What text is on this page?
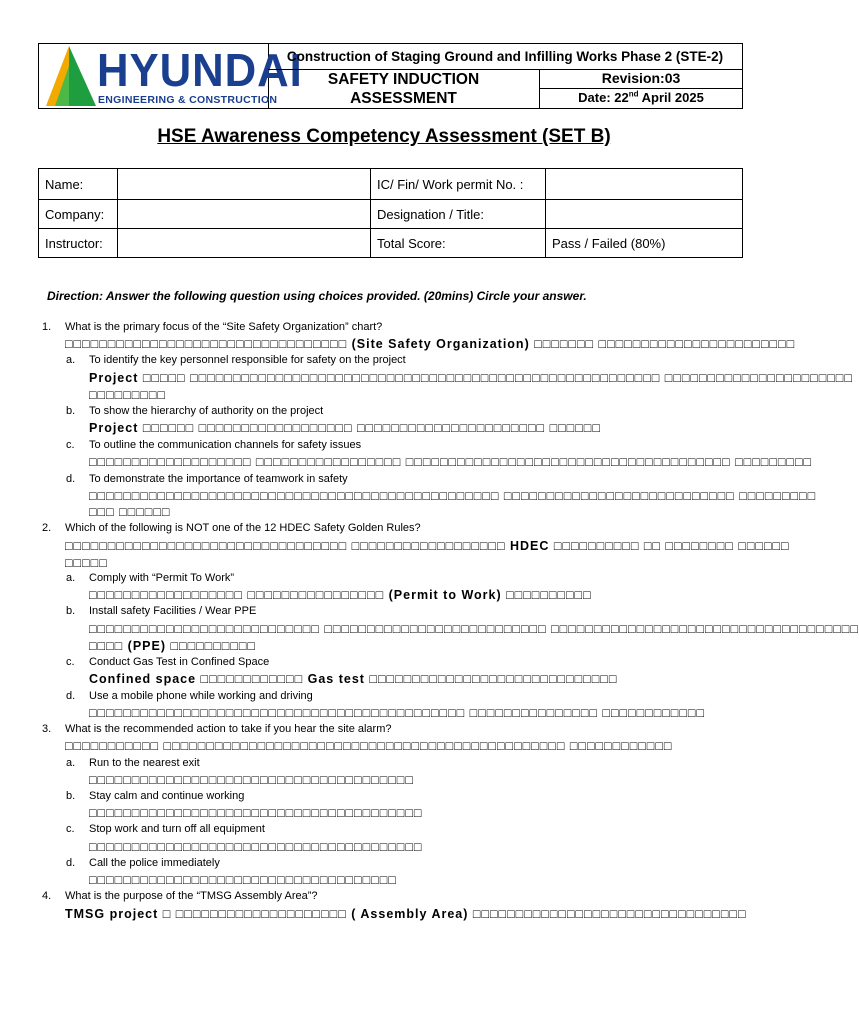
HYUNDAI
ENGINEERING & CONSTRUCTION
Construction of Staging Ground and Infilling Works Phase 2 (STE-2)
SAFETY INDUCTION
ASSESSMENT
Revision:03
Date: 22nd April 2025
HSE Awareness Competency Assessment (SET B)
Name:		IC/ Fin/ Work permit No. :	
Company:		Designation / Title:	
Instructor:		Total Score:	Pass / Failed (80%)
Direction: Answer the following question using choices provided. (20mins) Circle your answer.
1. What is the primary focus of the “Site Safety Organization” chart?
□□□□□□□□□□□□□□□□□□□□□□□□□□□□□□□□□ (Site Safety Organization) □□□□□□□ □□□□□□□□□□□□□□□□□□□□□□□
a. To identify the key personnel responsible for safety on the project
Project □□□□□ □□□□□□□□□□□□□□□□□□□□□□□□□□□□□□□□□□□□□□□□□□□□□□□□□□□□□□□ □□□□□□□□□□□□□□□□□□□□□□
□□□□□□□□□
b. To show the hierarchy of authority on the project
Project □□□□□□ □□□□□□□□□□□□□□□□□□ □□□□□□□□□□□□□□□□□□□□□□ □□□□□□
c. To outline the communication channels for safety issues
□□□□□□□□□□□□□□□□□□□ □□□□□□□□□□□□□□□□□ □□□□□□□□□□□□□□□□□□□□□□□□□□□□□□□□□□□□□□ □□□□□□□□□
d. To demonstrate the importance of teamwork in safety
□□□□□□□□□□□□□□□□□□□□□□□□□□□□□□□□□□□□□□□□□□□□□□□□ □□□□□□□□□□□□□□□□□□□□□□□□□□□ □□□□□□□□□
□□□ □□□□□□
2. Which of the following is NOT one of the 12 HDEC Safety Golden Rules?
□□□□□□□□□□□□□□□□□□□□□□□□□□□□□□□□□ □□□□□□□□□□□□□□□□□□ HDEC □□□□□□□□□□ □□ □□□□□□□□ □□□□□□
□□□□□
a. Comply with “Permit To Work”
□□□□□□□□□□□□□□□□□□ □□□□□□□□□□□□□□□□ (Permit to Work) □□□□□□□□□□
b. Install safety Facilities / Wear PPE
□□□□□□□□□□□□□□□□□□□□□□□□□□□ □□□□□□□□□□□□□□□□□□□□□□□□□□ □□□□□□□□□□□□□□□□□□□□□□□□□□□□□□□□□□□□
□□□□ (PPE) □□□□□□□□□□
c. Conduct Gas Test in Confined Space
Confined space □□□□□□□□□□□□ Gas test □□□□□□□□□□□□□□□□□□□□□□□□□□□□□
d. Use a mobile phone while working and driving
□□□□□□□□□□□□□□□□□□□□□□□□□□□□□□□□□□□□□□□□□□□□ □□□□□□□□□□□□□□□ □□□□□□□□□□□□
3. What is the recommended action to take if you hear the site alarm?
□□□□□□□□□□□ □□□□□□□□□□□□□□□□□□□□□□□□□□□□□□□□□□□□□□□□□□□□□□□ □□□□□□□□□□□□
a. Run to the nearest exit
□□□□□□□□□□□□□□□□□□□□□□□□□□□□□□□□□□□□□□
b. Stay calm and continue working
□□□□□□□□□□□□□□□□□□□□□□□□□□□□□□□□□□□□□□□
c. Stop work and turn off all equipment
□□□□□□□□□□□□□□□□□□□□□□□□□□□□□□□□□□□□□□□
d. Call the police immediately
□□□□□□□□□□□□□□□□□□□□□□□□□□□□□□□□□□□□
4. What is the purpose of the “TMSG Assembly Area”?
TMSG project □ □□□□□□□□□□□□□□□□□□□□ ( Assembly Area) □□□□□□□□□□□□□□□□□□□□□□□□□□□□□□□□
